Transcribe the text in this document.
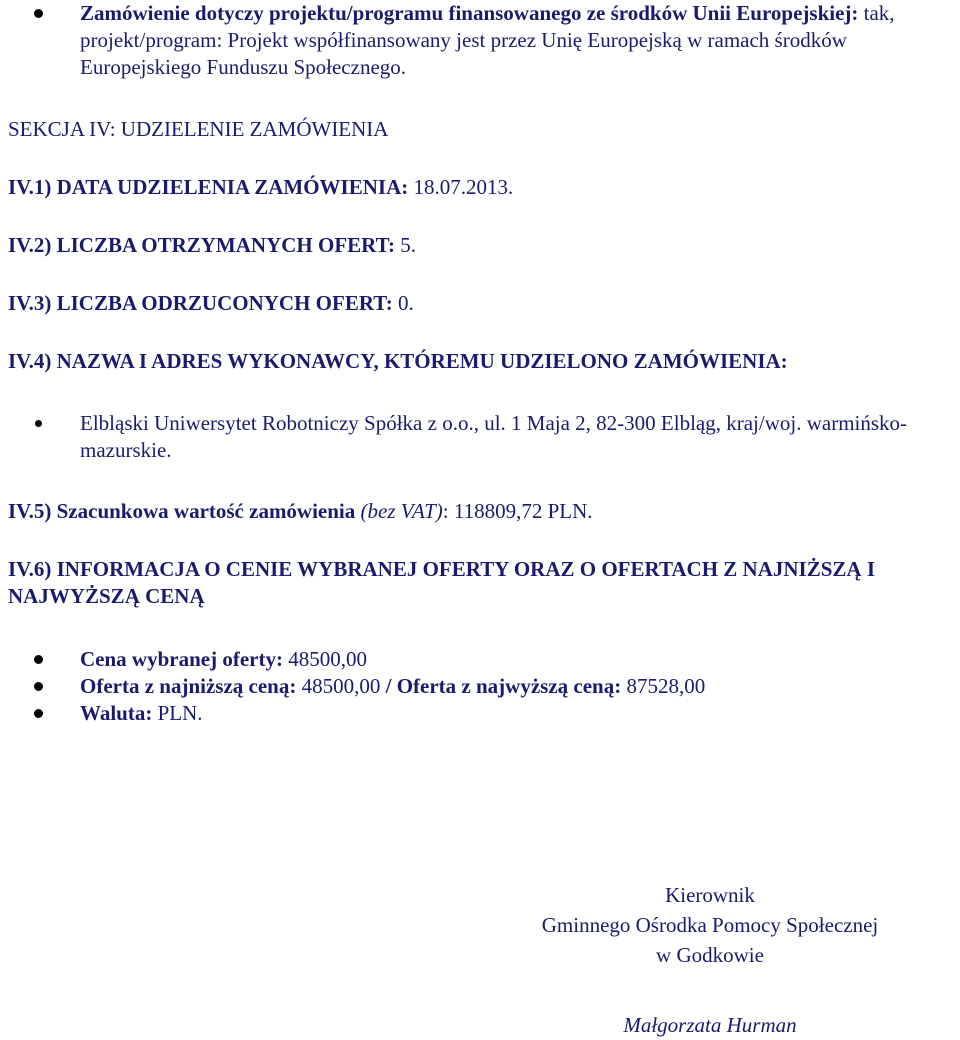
Zamówienie dotyczy projektu/programu finansowanego ze środków Unii Europejskiej: tak, projekt/program: Projekt współfinansowany jest przez Unię Europejską w ramach środków Europejskiego Funduszu Społecznego.
SEKCJA IV: UDZIELENIE ZAMÓWIENIA
IV.1) DATA UDZIELENIA ZAMÓWIENIA: 18.07.2013.
IV.2) LICZBA OTRZYMANYCH OFERT: 5.
IV.3) LICZBA ODRZUCONYCH OFERT: 0.
IV.4) NAZWA I ADRES WYKONAWCY, KTÓREMU UDZIELONO ZAMÓWIENIA:
Elbląski Uniwersytet Robotniczy Spółka z o.o., ul. 1 Maja 2, 82-300 Elbląg, kraj/woj. warmińsko-mazurskie.
IV.5) Szacunkowa wartość zamówienia (bez VAT): 118809,72 PLN.
IV.6) INFORMACJA O CENIE WYBRANEJ OFERTY ORAZ O OFERTACH Z NAJNIŻSZĄ I NAJWYŻSZĄ CENĄ
Cena wybranej oferty: 48500,00
Oferta z najniższą ceną: 48500,00 / Oferta z najwyższą ceną: 87528,00
Waluta: PLN.
Kierownik
Gminnego Ośrodka Pomocy Społecznej
w Godkowie
Małgorzata Hurman
